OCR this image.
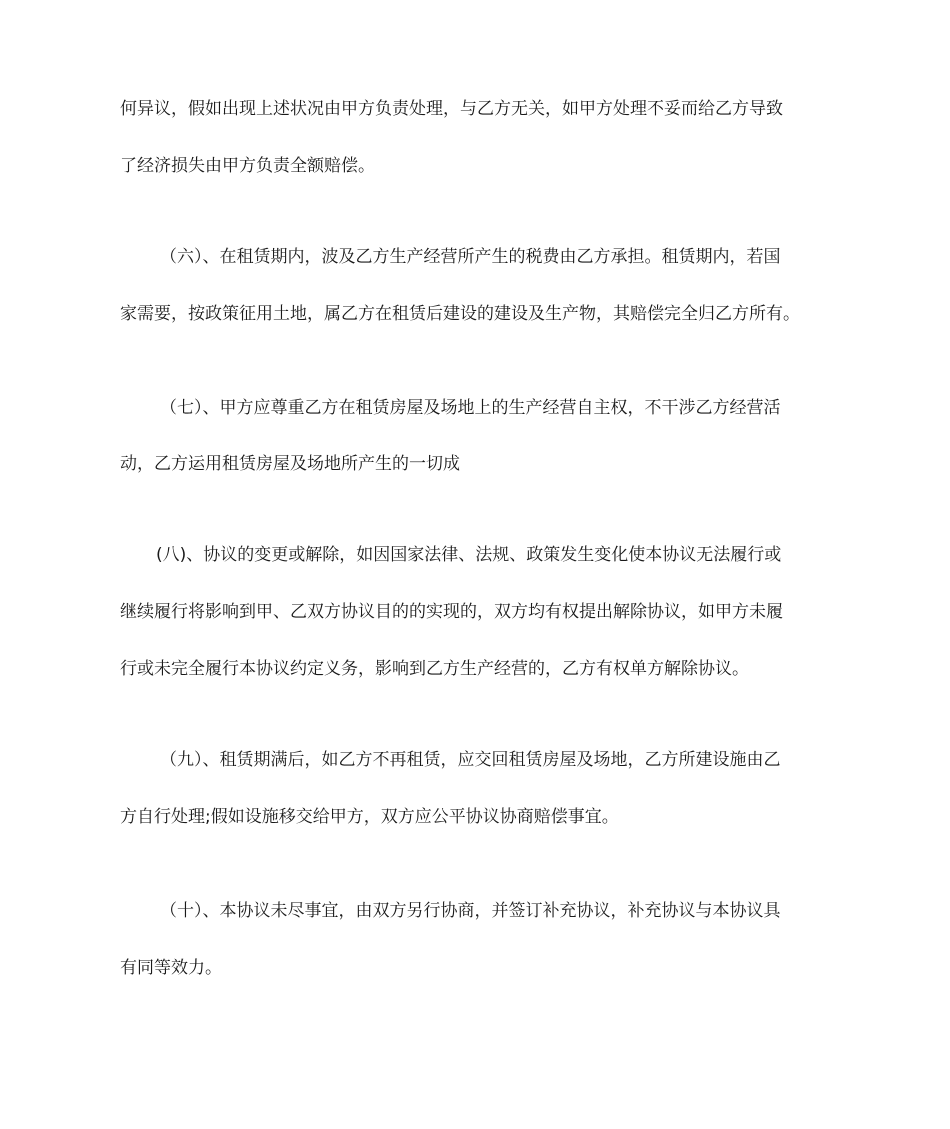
何异议，假如出现上述状况由甲方负责处理，与乙方无关，如甲方处理不妥而给乙方导致
了经济损失由甲方负责全额赔偿。
（六）、在租赁期内，波及乙方生产经营所产生的税费由乙方承担。租赁期内，若国
家需要，按政策征用土地，属乙方在租赁后建设的建设及生产物，其赔偿完全归乙方所有。
（七）、甲方应尊重乙方在租赁房屋及场地上的生产经营自主权，不干涉乙方经营活
动，乙方运用租赁房屋及场地所产生的一切成
(八)、协议的变更或解除，如因国家法律、法规、政策发生变化使本协议无法履行或
继续履行将影响到甲、乙双方协议目的的实现的，双方均有权提出解除协议，如甲方未履
行或未完全履行本协议约定义务，影响到乙方生产经营的，乙方有权单方解除协议。
（九）、租赁期满后，如乙方不再租赁，应交回租赁房屋及场地，乙方所建设施由乙
方自行处理;假如设施移交给甲方，双方应公平协议协商赔偿事宜。
（十）、本协议未尽事宜，由双方另行协商，并签订补充协议，补充协议与本协议具
有同等效力。
